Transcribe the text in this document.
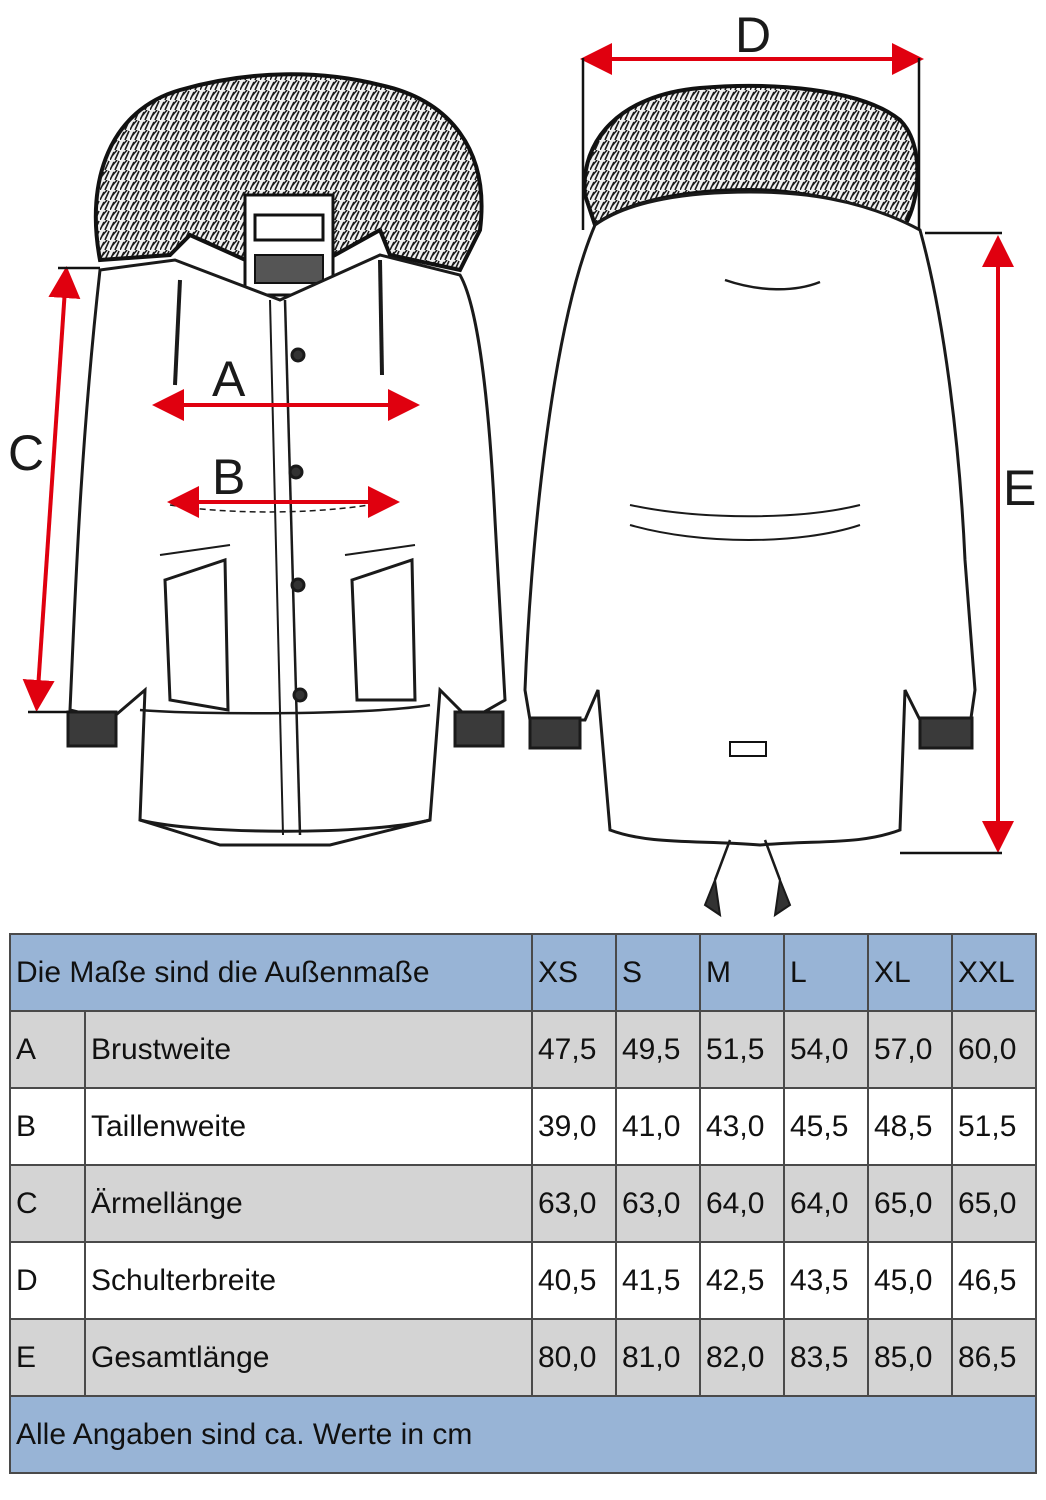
A
B
C
D
E
Die Maße sind die Außenmaße		XS	S	M	L	XL	XXL
A	Brustweite	47,5	49,5	51,5	54,0	57,0	60,0
B	Taillenweite	39,0	41,0	43,0	45,5	48,5	51,5
C	Ärmellänge	63,0	63,0	64,0	64,0	65,0	65,0
D	Schulterbreite	40,5	41,5	42,5	43,5	45,0	46,5
E	Gesamtlänge	80,0	81,0	82,0	83,5	85,0	86,5
Alle Angaben sind ca. Werte in cm							
